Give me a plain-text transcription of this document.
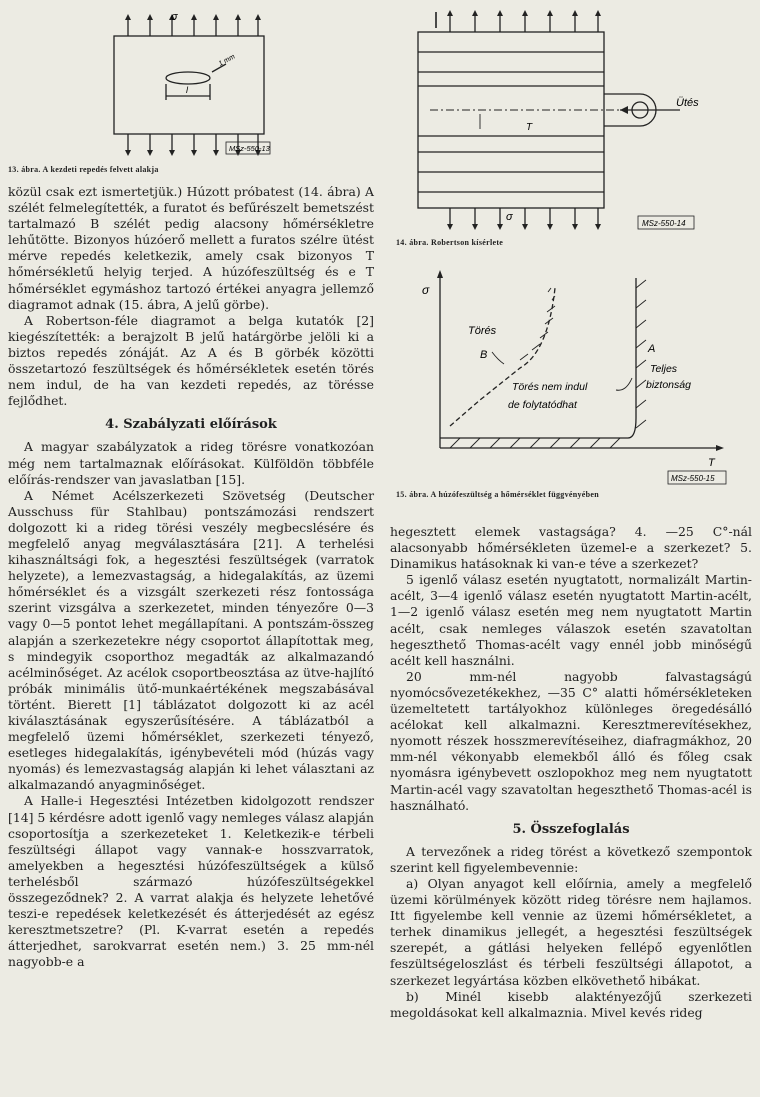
σ
1 mm
l
MSz-550-13
13. ábra. A kezdeti repedés felvett alakja
Ütés
T
σ
MSz-550-14
14. ábra. Robertson kísérlete
σ
T
Törés
B	A
Törés nem indul
de folytatódhat
Teljes
biztonság
MSz-550-15
15. ábra. A húzófeszültség a hőmérséklet függvényében

közül csak ezt ismertetjük.) Húzott próbatest (14. ábra) A szélét felmelegítették, a furatot és befűrészelt bemetszést tartalmazó B szélét pedig alacsony hőmérsékletre lehűtötte. Bizonyos húzóerő mellett a furatos szélre ütést mérve repedés keletkezik, amely csak bizonyos T hőmérsékletű helyig terjed. A húzófeszültség és e T hőmérséklet egymáshoz tartozó értékei anyagra jellemző diagramot adnak (15. ábra, A jelű görbe).

A Robertson-féle diagramot a belga kutatók [2] kiegészítették: a berajzolt B jelű határgörbe jelöli ki a biztos repedés zónáját. Az A és B görbék közötti összetartozó feszültségek és hőmérsékletek esetén törés nem indul, de ha van kezdeti repedés, az törésse fejlődhet.

4. Szabályzati előírások

A magyar szabályzatok a rideg törésre vonatkozóan még nem tartalmaznak előírásokat. Külföldön többféle előírás-rendszer van javaslatban [15].

A Német Acélszerkezeti Szövetség (Deutscher Ausschuss für Stahlbau) pontszámozási rendszert dolgozott ki a rideg törési veszély megbecslésére és megfelelő anyag megválasztására [21]. A terhelési kihasználtsági fok, a hegesztési feszültségek (varratok helyzete), a lemezvastagság, a hidegalakítás, az üzemi hőmérséklet és a vizsgált szerkezeti rész fontossága szerint vizsgálva a szerkezetet, minden tényezőre 0—3 vagy 0—5 pontot lehet megállapítani. A pontszám-összeg alapján a szerkezetekre négy csoportot állapítottak meg, s mindegyik csoporthoz megadták az alkalmazandó acélminőséget. Az acélok csoportbeosztása az ütve-hajlító próbák minimális ütő-munkaértékének megszabásával történt. Bierett [1] táblázatot dolgozott ki az acél kiválasztásának egyszerűsítésére. A táblázatból a megfelelő üzemi hőmérséklet, szerkezeti tényező, esetleges hidegalakítás, igénybevételi mód (húzás vagy nyomás) és lemezvastagság alapján ki lehet választani az alkalmazandó anyagminőséget.

A Halle-i Hegesztési Intézetben kidolgozott rendszer [14] 5 kérdésre adott igenlő vagy nemleges válasz alapján csoportosítja a szerkezeteket 1. Keletkezik-e térbeli feszültségi állapot vagy vannak-e hosszvarratok, amelyekben a hegesztési húzófeszültségek a külső terhelésből származó húzófeszültségekkel összegeződnek? 2. A varrat alakja és helyzete lehetővé teszi-e repedések keletkezését és átterjedését az egész keresztmetszetre? (Pl. K-varrat esetén a repedés átterjedhet, sarokvarrat esetén nem.) 3. 25 mm-nél nagyobb-e a

hegesztett elemek vastagsága? 4. —25 C°-nál alacsonyabb hőmérsékleten üzemel-e a szerkezet? 5. Dinamikus hatásoknak ki van-e téve a szerkezet?

5 igenlő válasz esetén nyugtatott, normalizált Martin-acélt, 3—4 igenlő válasz esetén nyugtatott Martin-acélt, 1—2 igenlő válasz esetén meg nem nyugtatott Martin acélt, csak nemleges válaszok esetén szavatoltan hegeszthető Thomas-acélt vagy ennél jobb minőségű acélt kell használni.

20 mm-nél nagyobb falvastagságú nyomócsővezetékekhez, —35 C° alatti hőmérsékleteken üzemeltetett tartályokhoz különleges öregedésálló acélokat kell alkalmazni. Keresztmerevítésekhez, nyomott részek hosszmerevítéseihez, diafragmákhoz, 20 mm-nél vékonyabb elemekből álló és főleg csak nyomásra igénybevett oszlopokhoz meg nem nyugtatott Martin-acél vagy szavatoltan hegeszthető Thomas-acél is használható.

5. Összefoglalás

A tervezőnek a rideg törést a következő szempontok szerint kell figyelembevennie:

a) Olyan anyagot kell előírnia, amely a megfelelő üzemi körülmények között rideg törésre nem hajlamos. Itt figyelembe kell vennie az üzemi hőmérsékletet, a terhek dinamikus jellegét, a hegesztési feszültségek szerepét, a gátlási helyeken fellépő egyenlőtlen feszültségeloszlást és térbeli feszültségi állapotot, a szerkezet legyártása közben elkövethető hibákat.

b) Minél kisebb alaktényezőjű szerkezeti megoldásokat kell alkalmaznia. Mivel kevés rideg
